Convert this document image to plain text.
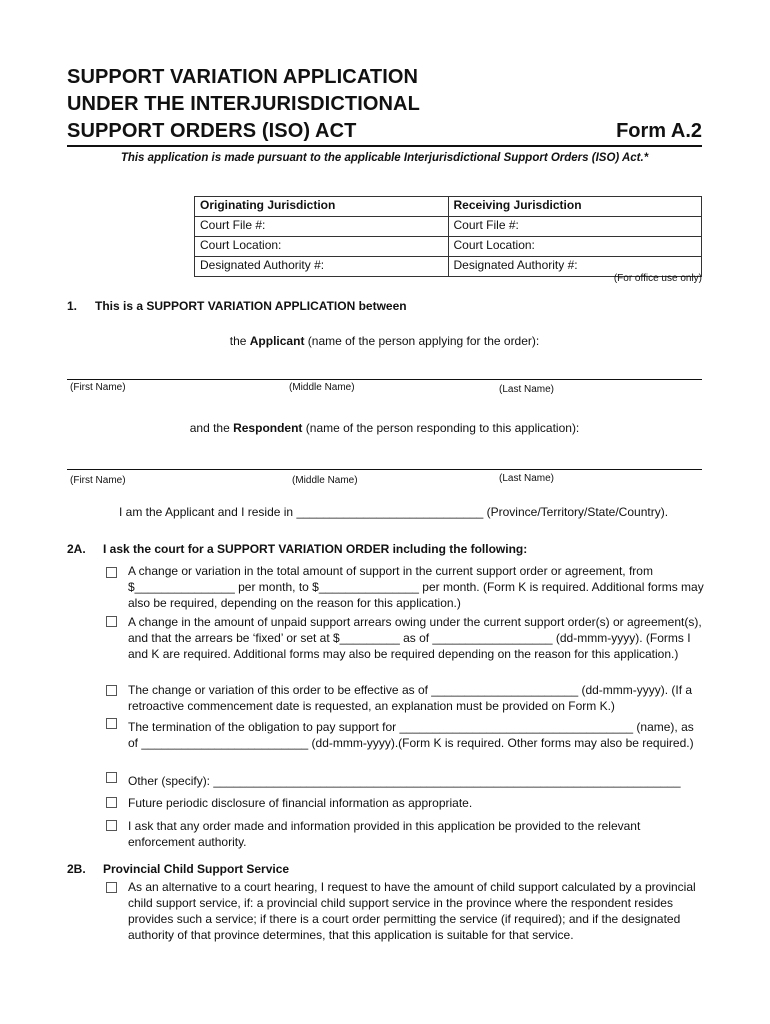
SUPPORT VARIATION APPLICATION
UNDER THE INTERJURISDICTIONAL
SUPPORT ORDERS (ISO) ACT	Form A.2
This application is made pursuant to the applicable Interjurisdictional Support Orders (ISO) Act.*
Originating Jurisdiction	Receiving Jurisdiction
Court File #:	Court File #:
Court Location:	Court Location:
Designated Authority #:	Designated Authority #:
(For office use only)
1. This is a SUPPORT VARIATION APPLICATION between
the Applicant (name of the person applying for the order):
(First Name)	(Middle Name)	(Last Name)
and the Respondent (name of the person responding to this application):
(First Name)	(Middle Name)	(Last Name)
I am the Applicant and I reside in ____________________________ (Province/Territory/State/Country).
2A. I ask the court for a SUPPORT VARIATION ORDER including the following:
A change or variation in the total amount of support in the current support order or agreement, from $_______________ per month, to $_______________ per month. (Form K is required. Additional forms may also be required, depending on the reason for this application.)
A change in the amount of unpaid support arrears owing under the current support order(s) or agreement(s), and that the arrears be ‘fixed’ or set at $_________ as of __________________ (dd-mmm-yyyy). (Forms I and K are required. Additional forms may also be required depending on the reason for this application.)
The change or variation of this order to be effective as of ______________________ (dd-mmm-yyyy). (If a retroactive commencement date is requested, an explanation must be provided on Form K.)
The termination of the obligation to pay support for ___________________________________ (name), as of _________________________ (dd-mmm-yyyy).(Form K is required. Other forms may also be required.)
Other (specify): ______________________________________________________________________
Future periodic disclosure of financial information as appropriate.
I ask that any order made and information provided in this application be provided to the relevant enforcement authority.
2B. Provincial Child Support Service
As an alternative to a court hearing, I request to have the amount of child support calculated by a provincial child support service, if: a provincial child support service in the province where the respondent resides provides such a service; if there is a court order permitting the service (if required); and if the designated authority of that province determines, that this application is suitable for that service.
